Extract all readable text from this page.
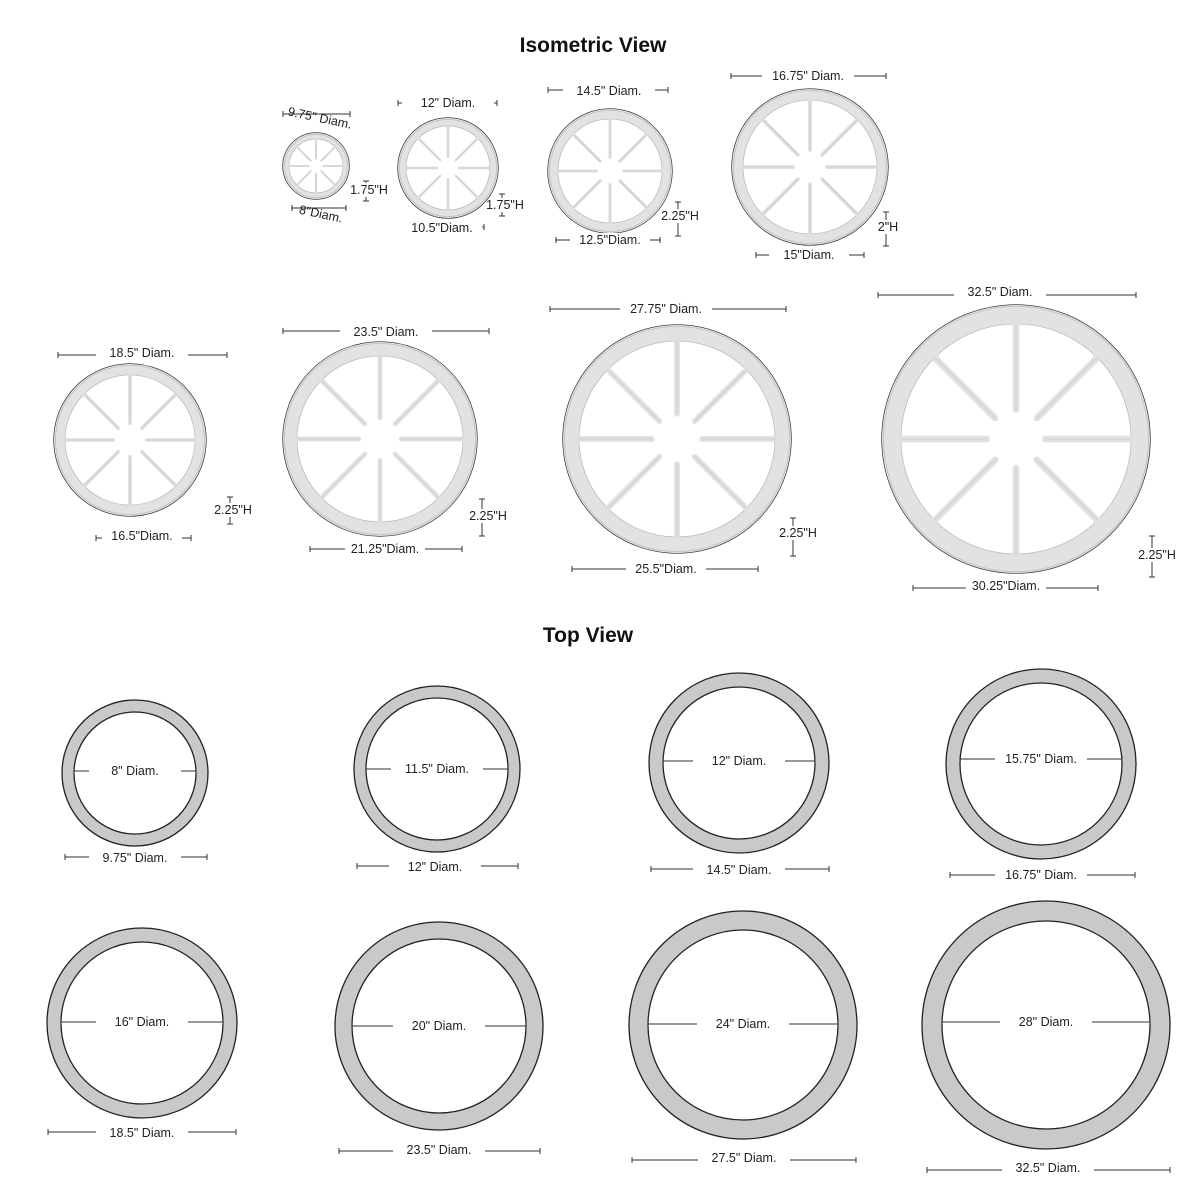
Isometric View
Top View
9.75" Diam.
8"Diam.
1.75"H
12" Diam.
10.5"Diam.
1.75"H
14.5" Diam.
12.5"Diam.
2.25"H
16.75" Diam.
15"Diam.
2"H
18.5" Diam.
16.5"Diam.
2.25"H
23.5" Diam.
21.25"Diam.
2.25"H
27.75" Diam.
25.5"Diam.
2.25"H
32.5" Diam.
30.25"Diam.
2.25"H
8" Diam.
9.75" Diam.
11.5" Diam.
12" Diam.
12" Diam.
14.5" Diam.
15.75" Diam.
16.75" Diam.
16" Diam.
18.5" Diam.
20" Diam.
23.5" Diam.
24" Diam.
27.5" Diam.
28" Diam.
32.5" Diam.
